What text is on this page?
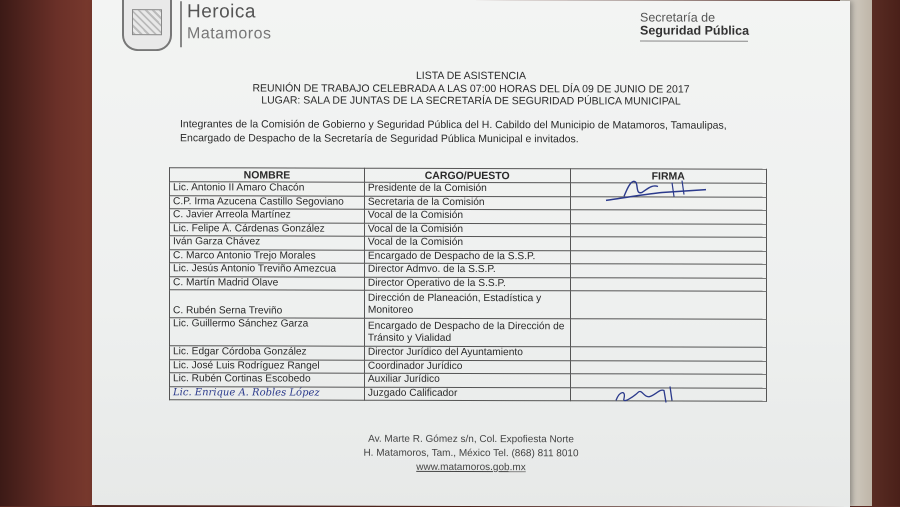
Heroica
Matamoros
Secretaría de
Seguridad Pública
LISTA DE ASISTENCIA
REUNIÓN DE TRABAJO CELEBRADA A LAS 07:00 HORAS DEL DÍA 09 DE JUNIO DE 2017
LUGAR: SALA DE JUNTAS DE LA SECRETARÍA DE SEGURIDAD PÚBLICA MUNICIPAL
Integrantes de la Comisión de Gobierno y Seguridad Pública del H. Cabildo del Municipio de Matamoros, Tamaulipas,
Encargado de Despacho de la Secretaría de Seguridad Pública Municipal e invitados.
NOMBRE	CARGO/PUESTO	FIRMA
Lic. Antonio II Amaro Chacón	Presidente de la Comisión	
C.P. Irma Azucena Castillo Segoviano	Secretaria de la Comisión	
C. Javier Arreola Martínez	Vocal de la Comisión	
Lic. Felipe Á. Cárdenas González	Vocal de la Comisión	
Iván Garza Chávez	Vocal de la Comisión	
C. Marco Antonio Trejo Morales	Encargado de Despacho de la S.S.P.	
Lic. Jesús Antonio Treviño Amezcua	Director Admvo. de la S.S.P.	
C. Martín Madrid Olave	Director Operativo de la S.S.P.	
C. Rubén Serna Treviño	Dirección de Planeación, Estadística y Monitoreo	
Lic. Guillermo Sánchez Garza	Encargado de Despacho de la Dirección de Tránsito y Vialidad	
Lic. Edgar Córdoba González	Director Jurídico del Ayuntamiento	
Lic. José Luis Rodríguez Rangel	Coordinador Jurídico	
Lic. Rubén Cortinas Escobedo	Auxiliar Jurídico	
Lic. Enrique A. Robles López	Juzgado Calificador	
Av. Marte R. Gómez s/n, Col. Expofiesta Norte
H. Matamoros, Tam., México Tel. (868) 811 8010
www.matamoros.gob.mx
